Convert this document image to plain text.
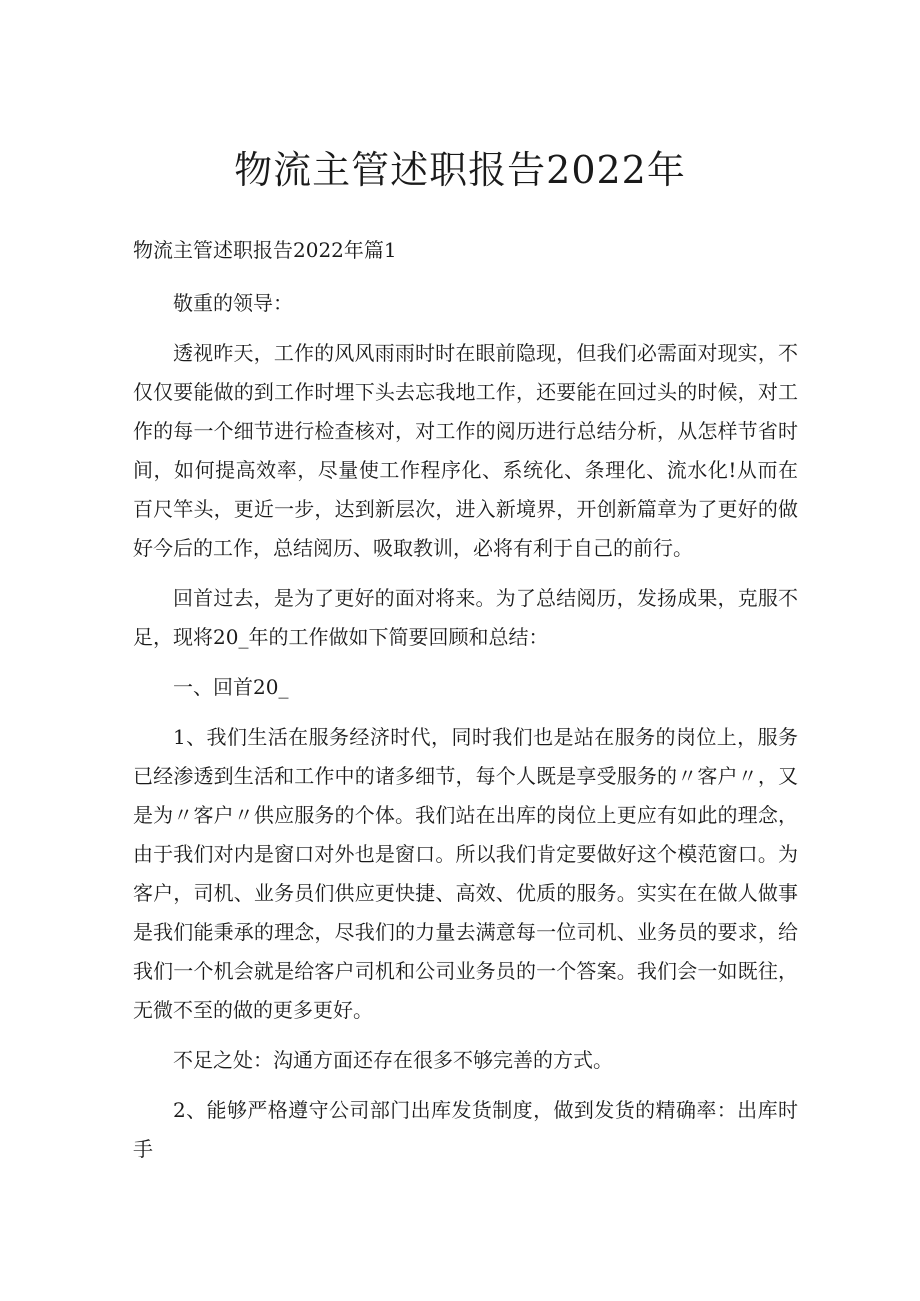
物流主管述职报告2022年

物流主管述职报告2022年篇1

敬重的领导：

透视昨天，工作的风风雨雨时时在眼前隐现，但我们必需面对现实，不仅仅要能做的到工作时埋下头去忘我地工作，还要能在回过头的时候，对工作的每一个细节进行检查核对，对工作的阅历进行总结分析，从怎样节省时间，如何提高效率，尽量使工作程序化、系统化、条理化、流水化!从而在百尺竿头，更近一步，达到新层次，进入新境界，开创新篇章为了更好的做好今后的工作，总结阅历、吸取教训，必将有利于自己的前行。

回首过去，是为了更好的面对将来。为了总结阅历，发扬成果，克服不足，现将20_年的工作做如下简要回顾和总结：

一、回首20_

1、我们生活在服务经济时代，同时我们也是站在服务的岗位上，服务已经渗透到生活和工作中的诸多细节，每个人既是享受服务的〃客户〃，又是为〃客户〃供应服务的个体。我们站在出库的岗位上更应有如此的理念，由于我们对内是窗口对外也是窗口。所以我们肯定要做好这个模范窗口。为客户，司机、业务员们供应更快捷、高效、优质的服务。实实在在做人做事是我们能秉承的理念，尽我们的力量去满意每一位司机、业务员的要求，给我们一个机会就是给客户司机和公司业务员的一个答案。我们会一如既往，无微不至的做的更多更好。

不足之处：沟通方面还存在很多不够完善的方式。

2、能够严格遵守公司部门出库发货制度，做到发货的精确率：出库时手
